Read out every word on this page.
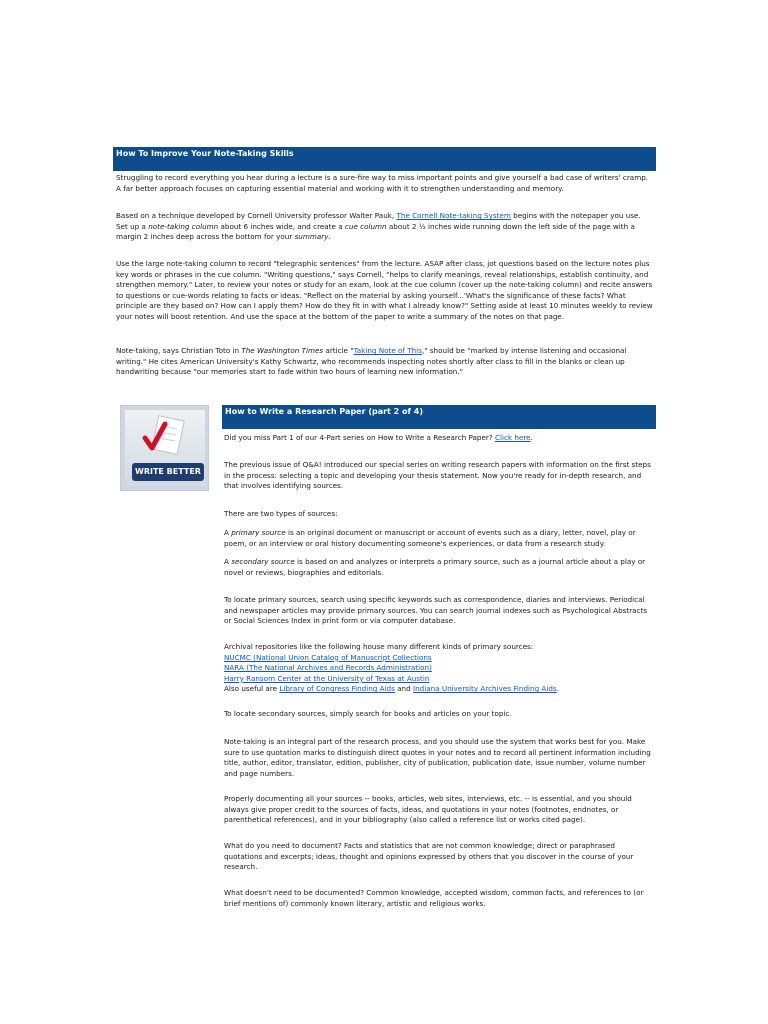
How To Improve Your Note-Taking Skills
Struggling to record everything you hear during a lecture is a sure-fire way to miss important points and give yourself a bad case of writers' cramp. A far better approach focuses on capturing essential material and working with it to strengthen understanding and memory.
Based on a technique developed by Cornell University professor Walter Pauk, The Cornell Note-taking System begins with the notepaper you use. Set up a note-taking column about 6 inches wide, and create a cue column about 2 ½ inches wide running down the left side of the page with a margin 2 inches deep across the bottom for your summary.
Use the large note-taking column to record "telegraphic sentences" from the lecture. ASAP after class, jot questions based on the lecture notes plus key words or phrases in the cue column. "Writing questions," says Cornell, "helps to clarify meanings, reveal relationships, establish continuity, and strengthen memory." Later, to review your notes or study for an exam, look at the cue column (cover up the note-taking column) and recite answers to questions or cue-words relating to facts or ideas. "Reflect on the material by asking yourself...'What's the significance of these facts? What principle are they based on? How can I apply them? How do they fit in with what I already know?" Setting aside at least 10 minutes weekly to review your notes will boost retention. And use the space at the bottom of the paper to write a summary of the notes on that page.
Note-taking, says Christian Toto in The Washington Times article "Taking Note of This," should be "marked by intense listening and occasional writing." He cites American University's Kathy Schwartz, who recommends inspecting notes shortly after class to fill in the blanks or clean up handwriting because "our memories start to fade within two hours of learning new information."
WRITE BETTER
How to Write a Research Paper (part 2 of 4)
Did you miss Part 1 of our 4-Part series on How to Write a Research Paper? Click here.
The previous issue of Q&A! introduced our special series on writing research papers with information on the first steps in the process: selecting a topic and developing your thesis statement. Now you're ready for in-depth research, and that involves identifying sources.
There are two types of sources:
A primary source is an original document or manuscript or account of events such as a diary, letter, novel, play or poem, or an interview or oral history documenting someone's experiences, or data from a research study.
A secondary source is based on and analyzes or interprets a primary source, such as a journal article about a play or novel or reviews, biographies and editorials.
To locate primary sources, search using specific keywords such as correspondence, diaries and interviews. Periodical and newspaper articles may provide primary sources. You can search journal indexes such as Psychological Abstracts or Social Sciences Index in print form or via computer database.
Archival repositories like the following house many different kinds of primary sources:
NUCMC (National Union Catalog of Manuscript Collections
NARA (The National Archives and Records Administration)
Harry Ransom Center at the University of Texas at Austin
Also useful are Library of Congress Finding Aids and Indiana University Archives Finding Aids.
To locate secondary sources, simply search for books and articles on your topic.
Note-taking is an integral part of the research process, and you should use the system that works best for you. Make sure to use quotation marks to distinguish direct quotes in your notes and to record all pertinent information including title, author, editor, translator, edition, publisher, city of publication, publication date, issue number, volume number and page numbers.
Properly documenting all your sources -- books, articles, web sites, interviews, etc. -- is essential, and you should always give proper credit to the sources of facts, ideas, and quotations in your notes (footnotes, endnotes, or parenthetical references), and in your bibliography (also called a reference list or works cited page).
What do you need to document? Facts and statistics that are not common knowledge; direct or paraphrased quotations and excerpts; ideas, thought and opinions expressed by others that you discover in the course of your research.
What doesn't need to be documented? Common knowledge, accepted wisdom, common facts, and references to (or brief mentions of) commonly known literary, artistic and religious works.
